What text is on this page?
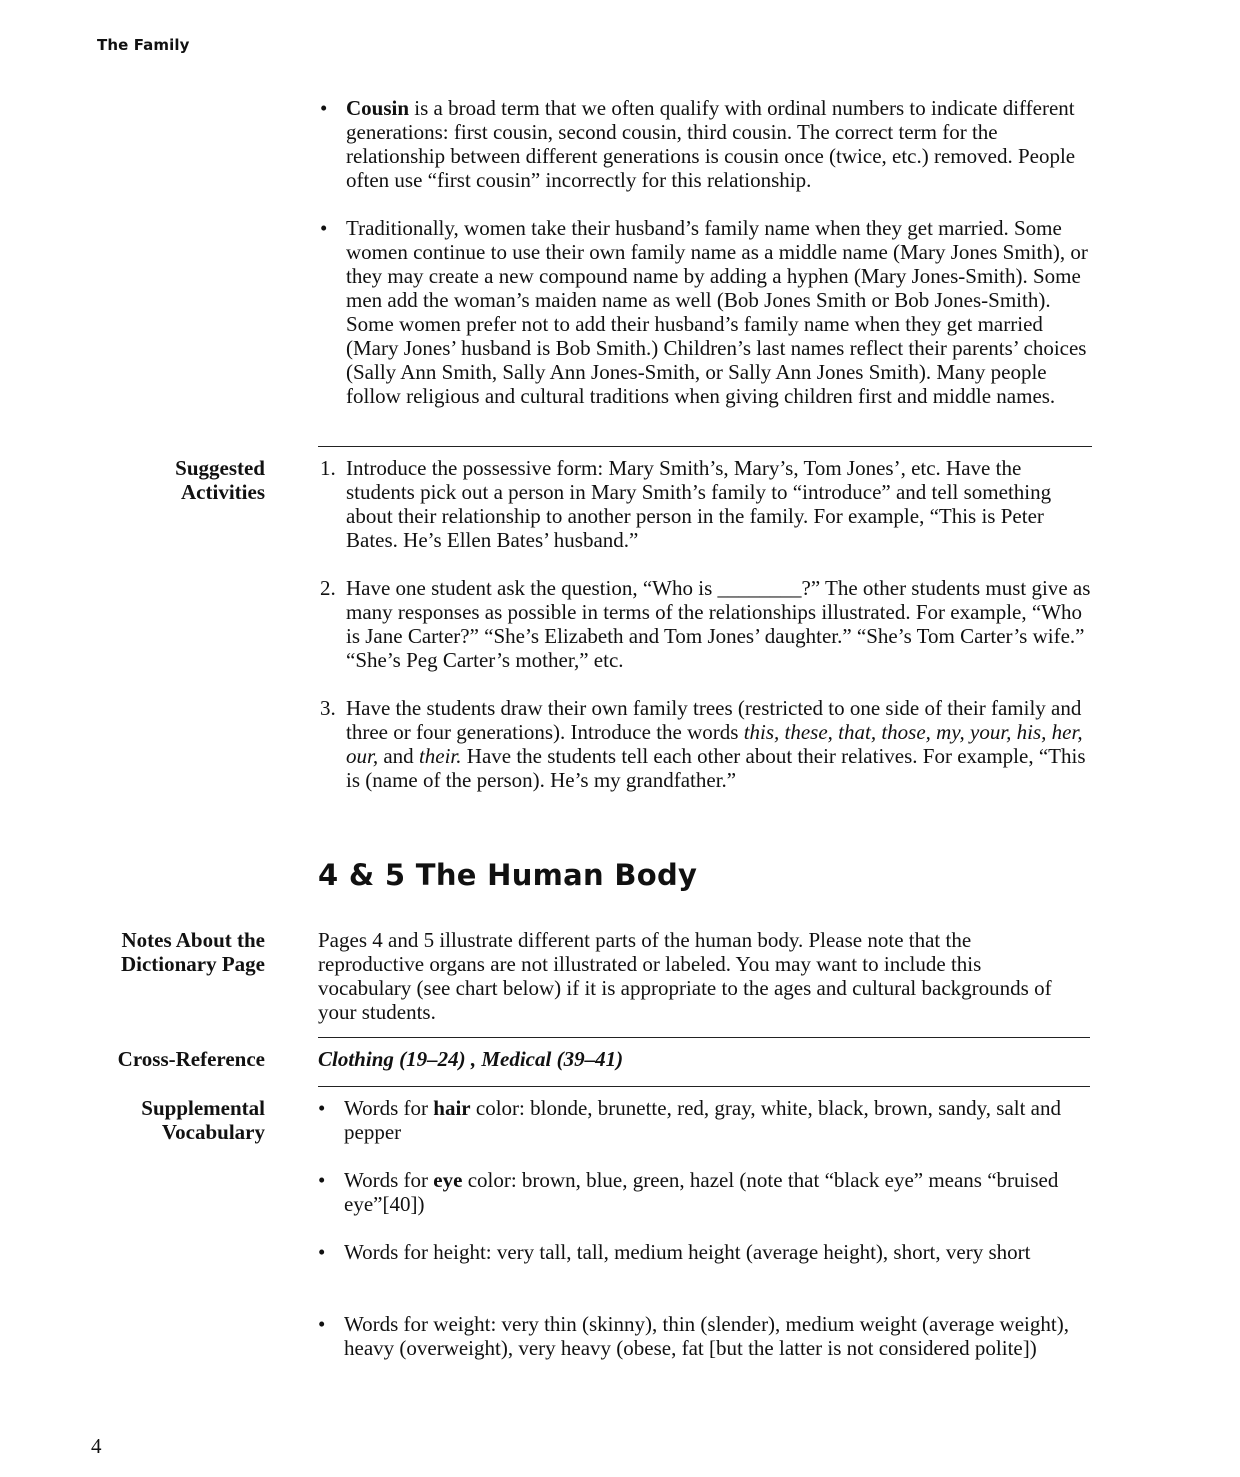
The Family
• Cousin is a broad term that we often qualify with ordinal numbers to indicate different generations: first cousin, second cousin, third cousin. The correct term for the relationship between different generations is cousin once (twice, etc.) removed. People often use “first cousin” incorrectly for this relationship.
• Traditionally, women take their husband’s family name when they get married. Some women continue to use their own family name as a middle name (Mary Jones Smith), or they may create a new compound name by adding a hyphen (Mary Jones-Smith). Some men add the woman’s maiden name as well (Bob Jones Smith or Bob Jones-Smith). Some women prefer not to add their husband’s family name when they get married (Mary Jones’ husband is Bob Smith.) Children’s last names reflect their parents’ choices (Sally Ann Smith, Sally Ann Jones-Smith, or Sally Ann Jones Smith). Many people follow religious and cultural traditions when giving children first and middle names.
Suggested
Activities
1. Introduce the possessive form: Mary Smith’s, Mary’s, Tom Jones’, etc. Have the students pick out a person in Mary Smith’s family to “introduce” and tell something about their relationship to another person in the family. For example, “This is Peter Bates. He’s Ellen Bates’ husband.”
2. Have one student ask the question, “Who is ________?” The other students must give as many responses as possible in terms of the relationships illustrated. For example, “Who is Jane Carter?” “She’s Elizabeth and Tom Jones’ daughter.” “She’s Tom Carter’s wife.” “She’s Peg Carter’s mother,” etc.
3. Have the students draw their own family trees (restricted to one side of their family and three or four generations). Introduce the words this, these, that, those, my, your, his, her, our, and their. Have the students tell each other about their relatives. For example, “This is (name of the person). He’s my grandfather.”
4 & 5 The Human Body
Notes About the
Dictionary Page
Pages 4 and 5 illustrate different parts of the human body. Please note that the reproductive organs are not illustrated or labeled. You may want to include this vocabulary (see chart below) if it is appropriate to the ages and cultural backgrounds of your students.
Cross-Reference	Clothing (19–24) , Medical (39–41)
Supplemental
Vocabulary
• Words for hair color: blonde, brunette, red, gray, white, black, brown, sandy, salt and pepper
• Words for eye color: brown, blue, green, hazel (note that “black eye” means “bruised eye”[40])
• Words for height: very tall, tall, medium height (average height), short, very short
• Words for weight: very thin (skinny), thin (slender), medium weight (average weight), heavy (overweight), very heavy (obese, fat [but the latter is not considered polite])
4
